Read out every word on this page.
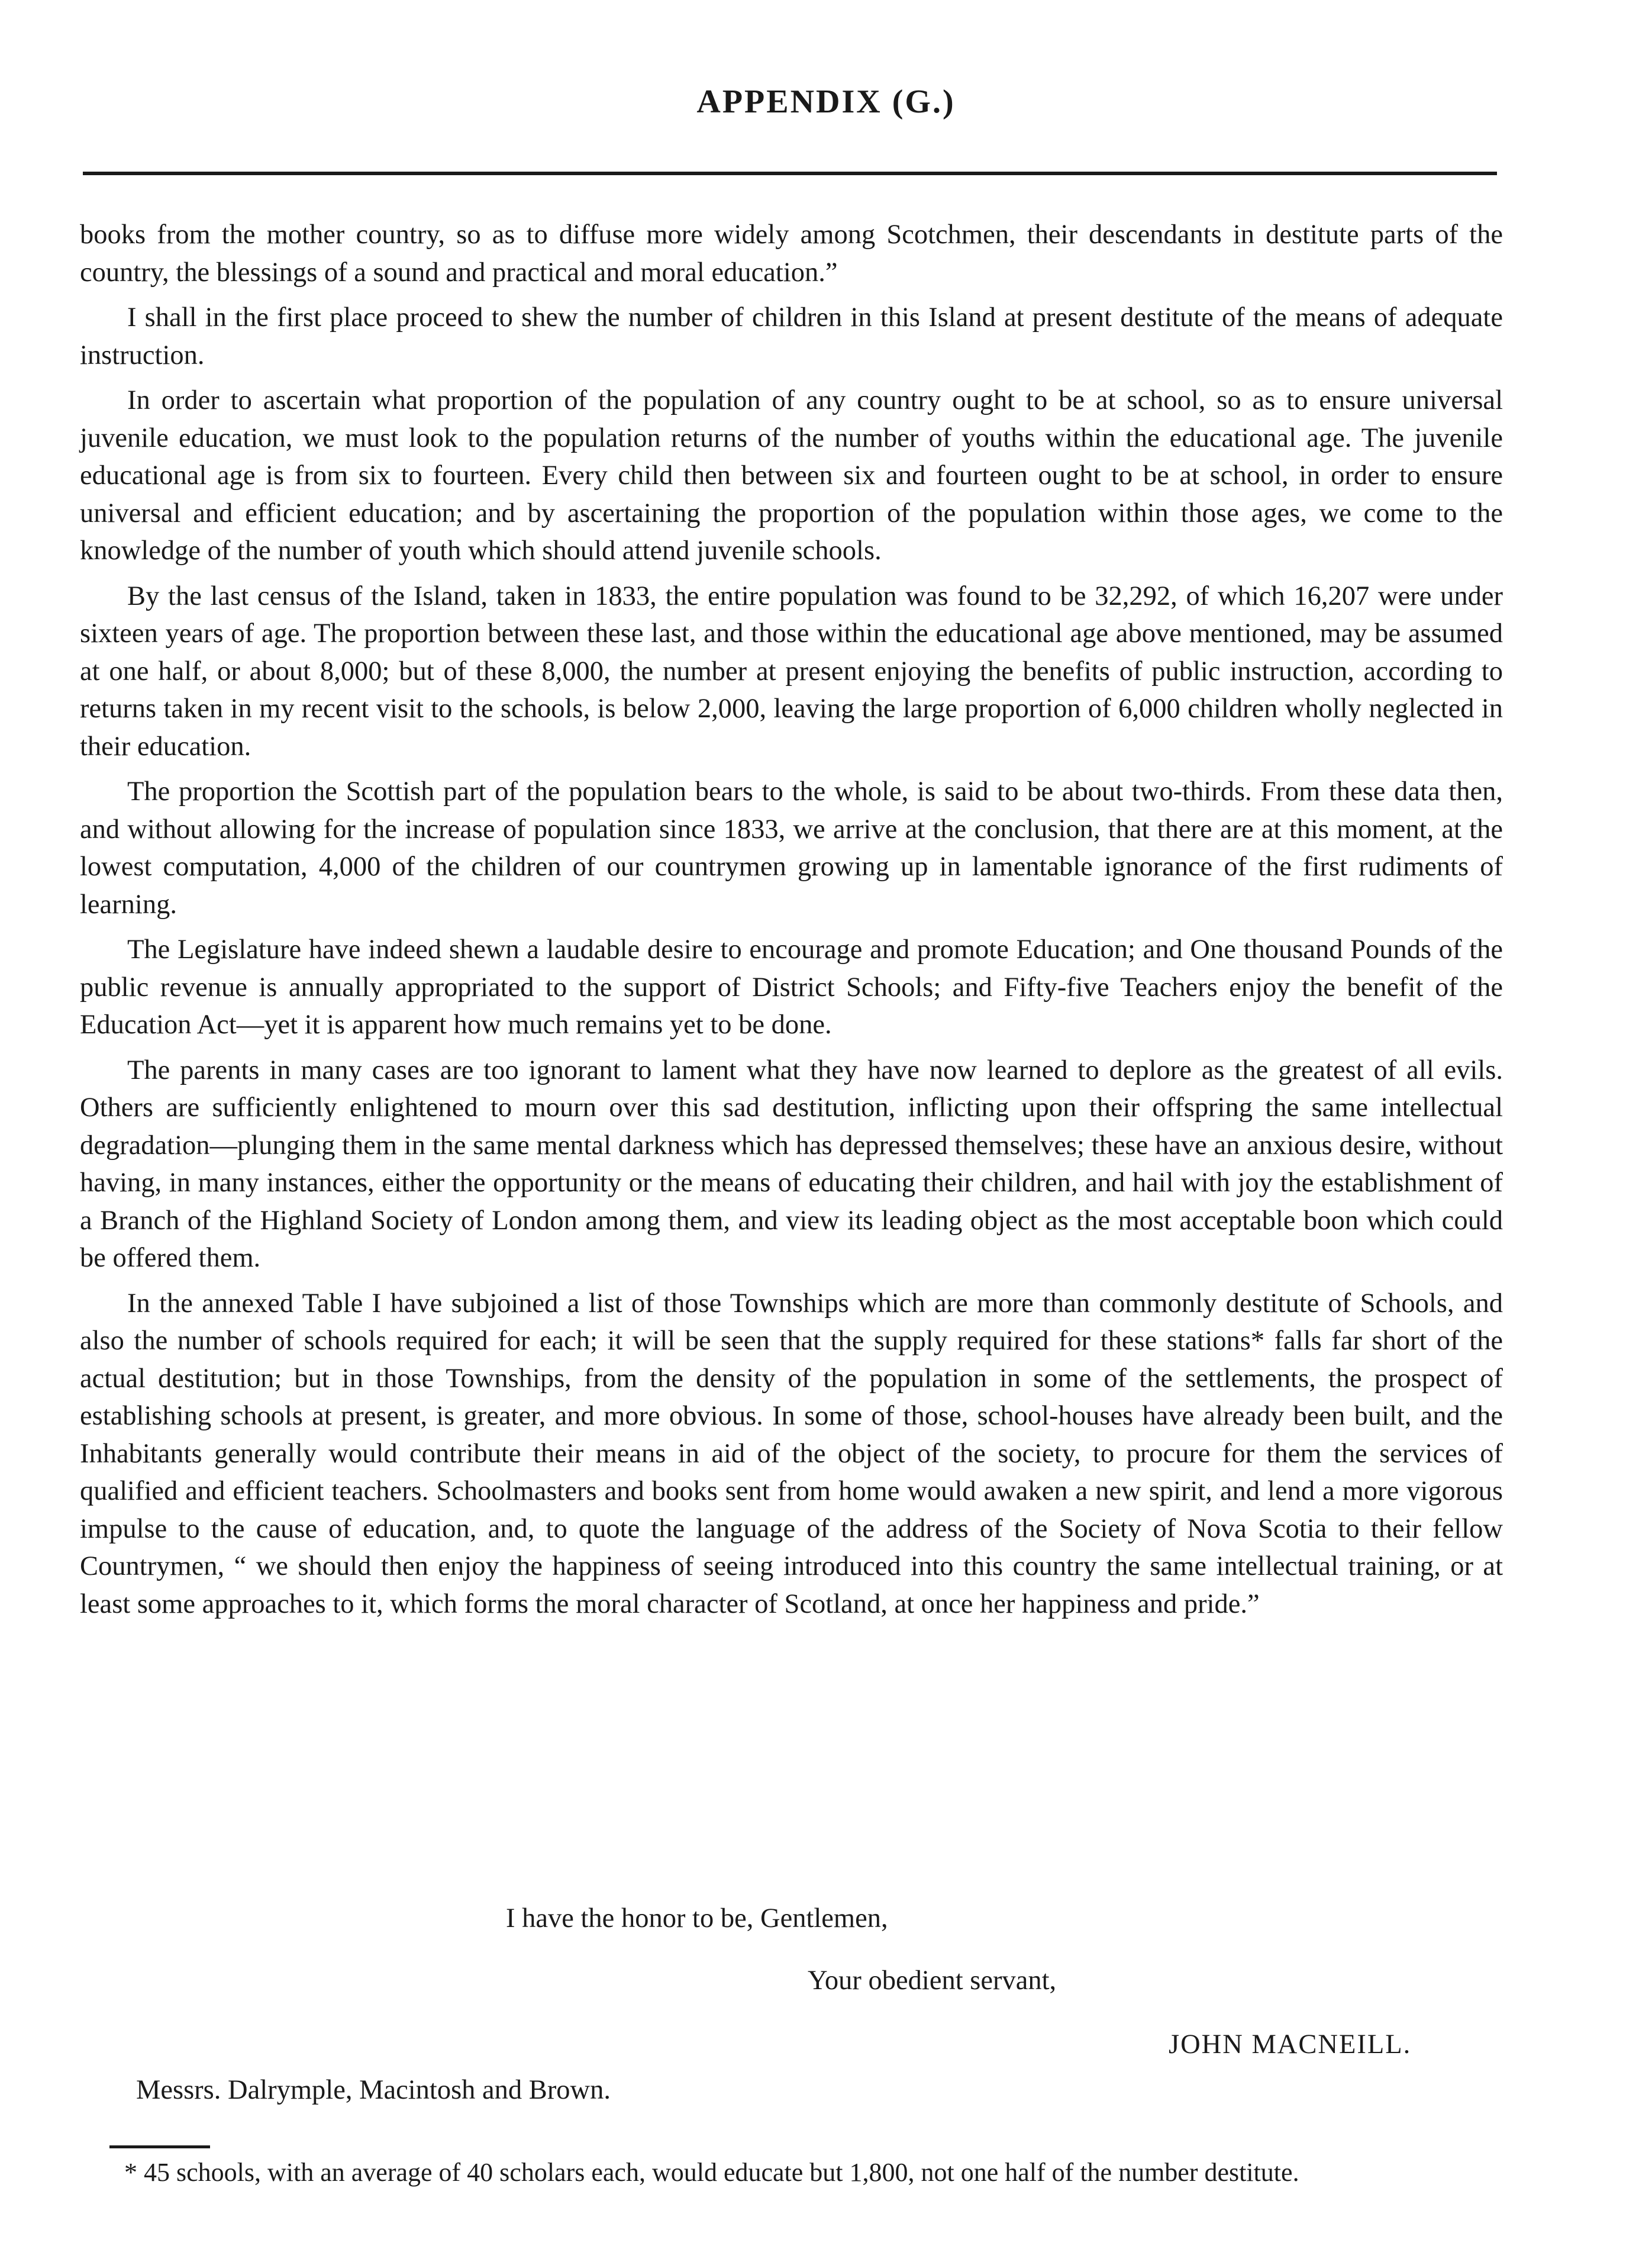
APPENDIX (G.)

books from the mother country, so as to diffuse more widely among Scotchmen, their descendants in destitute parts of the country, the blessings of a sound and practical and moral education.”

I shall in the first place proceed to shew the number of children in this Island at present destitute of the means of adequate instruction.

In order to ascertain what proportion of the population of any country ought to be at school, so as to ensure universal juvenile education, we must look to the population returns of the number of youths within the educational age. The juvenile educational age is from six to fourteen. Every child then between six and fourteen ought to be at school, in order to ensure universal and efficient education; and by ascertaining the proportion of the population within those ages, we come to the knowledge of the number of youth which should attend juvenile schools.

By the last census of the Island, taken in 1833, the entire population was found to be 32,292, of which 16,207 were under sixteen years of age. The proportion between these last, and those within the educational age above mentioned, may be assumed at one half, or about 8,000; but of these 8,000, the number at present enjoying the benefits of public instruction, according to returns taken in my recent visit to the schools, is below 2,000, leaving the large proportion of 6,000 children wholly neglected in their education.

The proportion the Scottish part of the population bears to the whole, is said to be about two-thirds. From these data then, and without allowing for the increase of population since 1833, we arrive at the conclusion, that there are at this moment, at the lowest computation, 4,000 of the children of our countrymen growing up in lamentable ignorance of the first rudiments of learning.

The Legislature have indeed shewn a laudable desire to encourage and promote Education; and One thousand Pounds of the public revenue is annually appropriated to the support of District Schools; and Fifty-five Teachers enjoy the benefit of the Education Act—yet it is apparent how much remains yet to be done.

The parents in many cases are too ignorant to lament what they have now learned to deplore as the greatest of all evils. Others are sufficiently enlightened to mourn over this sad destitution, inflicting upon their offspring the same intellectual degradation—plunging them in the same mental darkness which has depressed themselves; these have an anxious desire, without having, in many instances, either the opportunity or the means of educating their children, and hail with joy the establishment of a Branch of the Highland Society of London among them, and view its leading object as the most acceptable boon which could be offered them.

In the annexed Table I have subjoined a list of those Townships which are more than commonly destitute of Schools, and also the number of schools required for each; it will be seen that the supply required for these stations* falls far short of the actual destitution; but in those Townships, from the density of the population in some of the settlements, the prospect of establishing schools at present, is greater, and more obvious. In some of those, school-houses have already been built, and the Inhabitants generally would contribute their means in aid of the object of the society, to procure for them the services of qualified and efficient teachers. Schoolmasters and books sent from home would awaken a new spirit, and lend a more vigorous impulse to the cause of education, and, to quote the language of the address of the Society of Nova Scotia to their fellow Countrymen, “ we should then enjoy the happiness of seeing introduced into this country the same intellectual training, or at least some approaches to it, which forms the moral character of Scotland, at once her happiness and pride.”

I have the honor to be, Gentlemen,
Your obedient servant,
JOHN MACNEILL.
Messrs. Dalrymple, Macintosh and Brown.
* 45 schools, with an average of 40 scholars each, would educate but 1,800, not one half of the number destitute.
